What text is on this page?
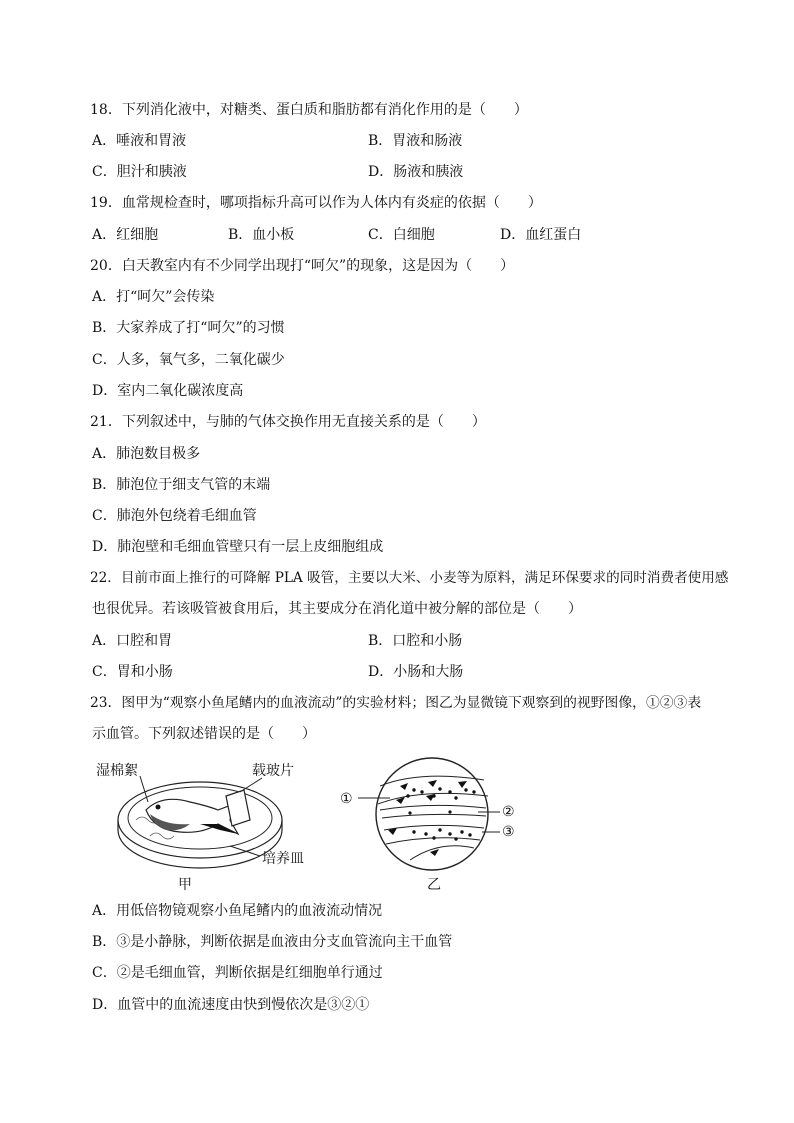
18．下列消化液中，对糖类、蛋白质和脂肪都有消化作用的是（　　）
A．唾液和胃液	B．胃液和肠液
C．胆汁和胰液	D．肠液和胰液
19．血常规检查时，哪项指标升高可以作为人体内有炎症的依据（　　）
A．红细胞	B．血小板	C．白细胞	D．血红蛋白
20．白天教室内有不少同学出现打“呵欠”的现象，这是因为（　　）
A．打“呵欠”会传染
B．大家养成了打“呵欠”的习惯
C．人多，氧气多，二氧化碳少
D．室内二氧化碳浓度高
21．下列叙述中，与肺的气体交换作用无直接关系的是（　　）
A．肺泡数目极多
B．肺泡位于细支气管的末端
C．肺泡外包绕着毛细血管
D．肺泡壁和毛细血管壁只有一层上皮细胞组成
22．目前市面上推行的可降解 PLA 吸管，主要以大米、小麦等为原料，满足环保要求的同时消费者使用感
也很优异。若该吸管被食用后，其主要成分在消化道中被分解的部位是（　　）
A．口腔和胃	B．口腔和小肠
C．胃和小肠	D．小肠和大肠
23．图甲为“观察小鱼尾鳍内的血液流动”的实验材料；图乙为显微镜下观察到的视野图像，①②③表
示血管。下列叙述错误的是（　　）
湿棉絮	载玻片
培养皿
甲
①
②
③
乙
A．用低倍物镜观察小鱼尾鳍内的血液流动情况
B．③是小静脉，判断依据是血液由分支血管流向主干血管
C．②是毛细血管，判断依据是红细胞单行通过
D．血管中的血流速度由快到慢依次是③②①
